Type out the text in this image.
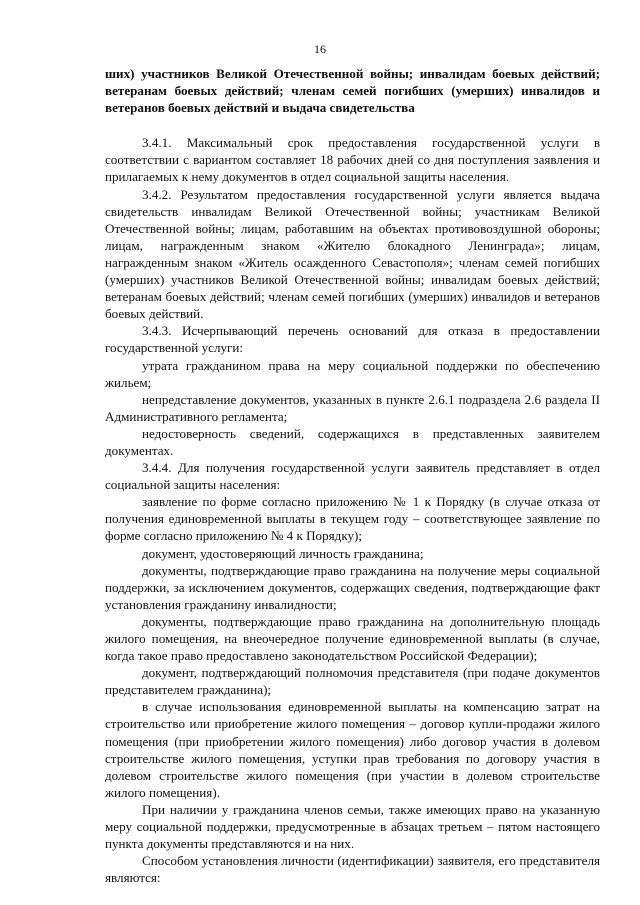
16

ших) участников Великой Отечественной войны; инвалидам боевых действий; ветеранам боевых действий; членам семей погибших (умерших) инвалидов и ветеранов боевых действий и выдача свидетельства

3.4.1. Максимальный срок предоставления государственной услуги в соответствии с вариантом составляет 18 рабочих дней со дня поступления заявления и прилагаемых к нему документов в отдел социальной защиты населения.

3.4.2. Результатом предоставления государственной услуги является выдача свидетельств инвалидам Великой Отечественной войны; участникам Великой Отечественной войны; лицам, работавшим на объектах противовоздушной обороны; лицам, награжденным знаком «Жителю блокадного Ленинграда»; лицам, награжденным знаком «Житель осажденного Севастополя»; членам семей погибших (умерших) участников Великой Отечественной войны; инвалидам боевых действий; ветеранам боевых действий; членам семей погибших (умерших) инвалидов и ветеранов боевых действий.

3.4.3. Исчерпывающий перечень оснований для отказа в предоставлении государственной услуги:

утрата гражданином права на меру социальной поддержки по обеспечению жильем;

непредставление документов, указанных в пункте 2.6.1 подраздела 2.6 раздела II Административного регламента;

недостоверность сведений, содержащихся в представленных заявителем документах.

3.4.4. Для получения государственной услуги заявитель представляет в отдел социальной защиты населения:

заявление по форме согласно приложению № 1 к Порядку (в случае отказа от получения единовременной выплаты в текущем году – соответствующее заявление по форме согласно приложению № 4 к Порядку);

документ, удостоверяющий личность гражданина;

документы, подтверждающие право гражданина на получение меры социальной поддержки, за исключением документов, содержащих сведения, подтверждающие факт установления гражданину инвалидности;

документы, подтверждающие право гражданина на дополнительную площадь жилого помещения, на внеочередное получение единовременной выплаты (в случае, когда такое право предоставлено законодательством Российской Федерации);

документ, подтверждающий полномочия представителя (при подаче документов представителем гражданина);

в случае использования единовременной выплаты на компенсацию затрат на строительство или приобретение жилого помещения – договор купли-продажи жилого помещения (при приобретении жилого помещения) либо договор участия в долевом строительстве жилого помещения, уступки прав требования по договору участия в долевом строительстве жилого помещения (при участии в долевом строительстве жилого помещения).

При наличии у гражданина членов семьи, также имеющих право на указанную меру социальной поддержки, предусмотренные в абзацах третьем – пятом настоящего пункта документы представляются и на них.

Способом установления личности (идентификации) заявителя, его представителя являются:
